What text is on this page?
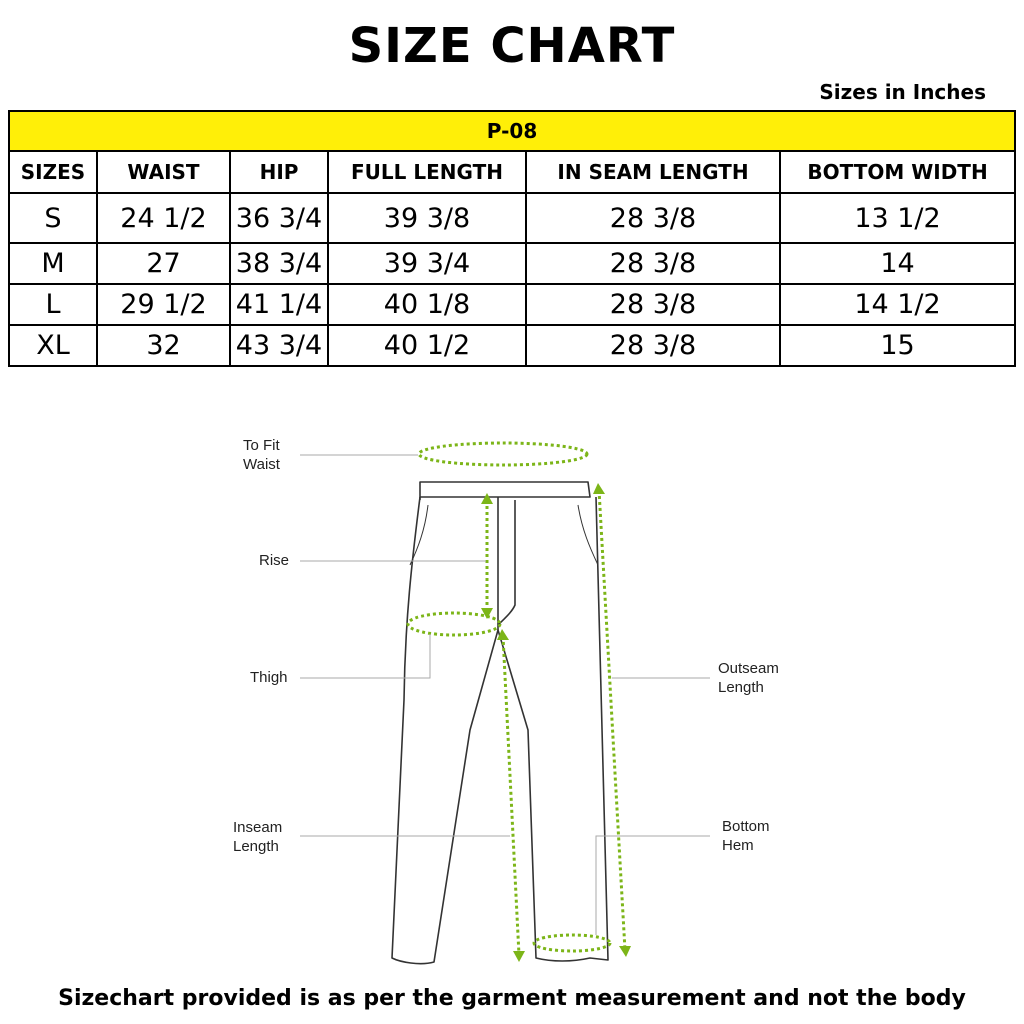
SIZE CHART
Sizes in Inches
P-08					
SIZES	WAIST	HIP	FULL LENGTH	IN SEAM LENGTH	BOTTOM WIDTH
S	24 1/2	36 3/4	39 3/8	28 3/8	13 1/2
M	27	38 3/4	39 3/4	28 3/8	14
L	29 1/2	41 1/4	40 1/8	28 3/8	14 1/2
XL	32	43 3/4	40 1/2	28 3/8	15
To Fit
Waist
Rise
Thigh
Inseam
Length
Outseam
Length
Bottom
Hem
Sizechart provided is as per the garment measurement and not the body
